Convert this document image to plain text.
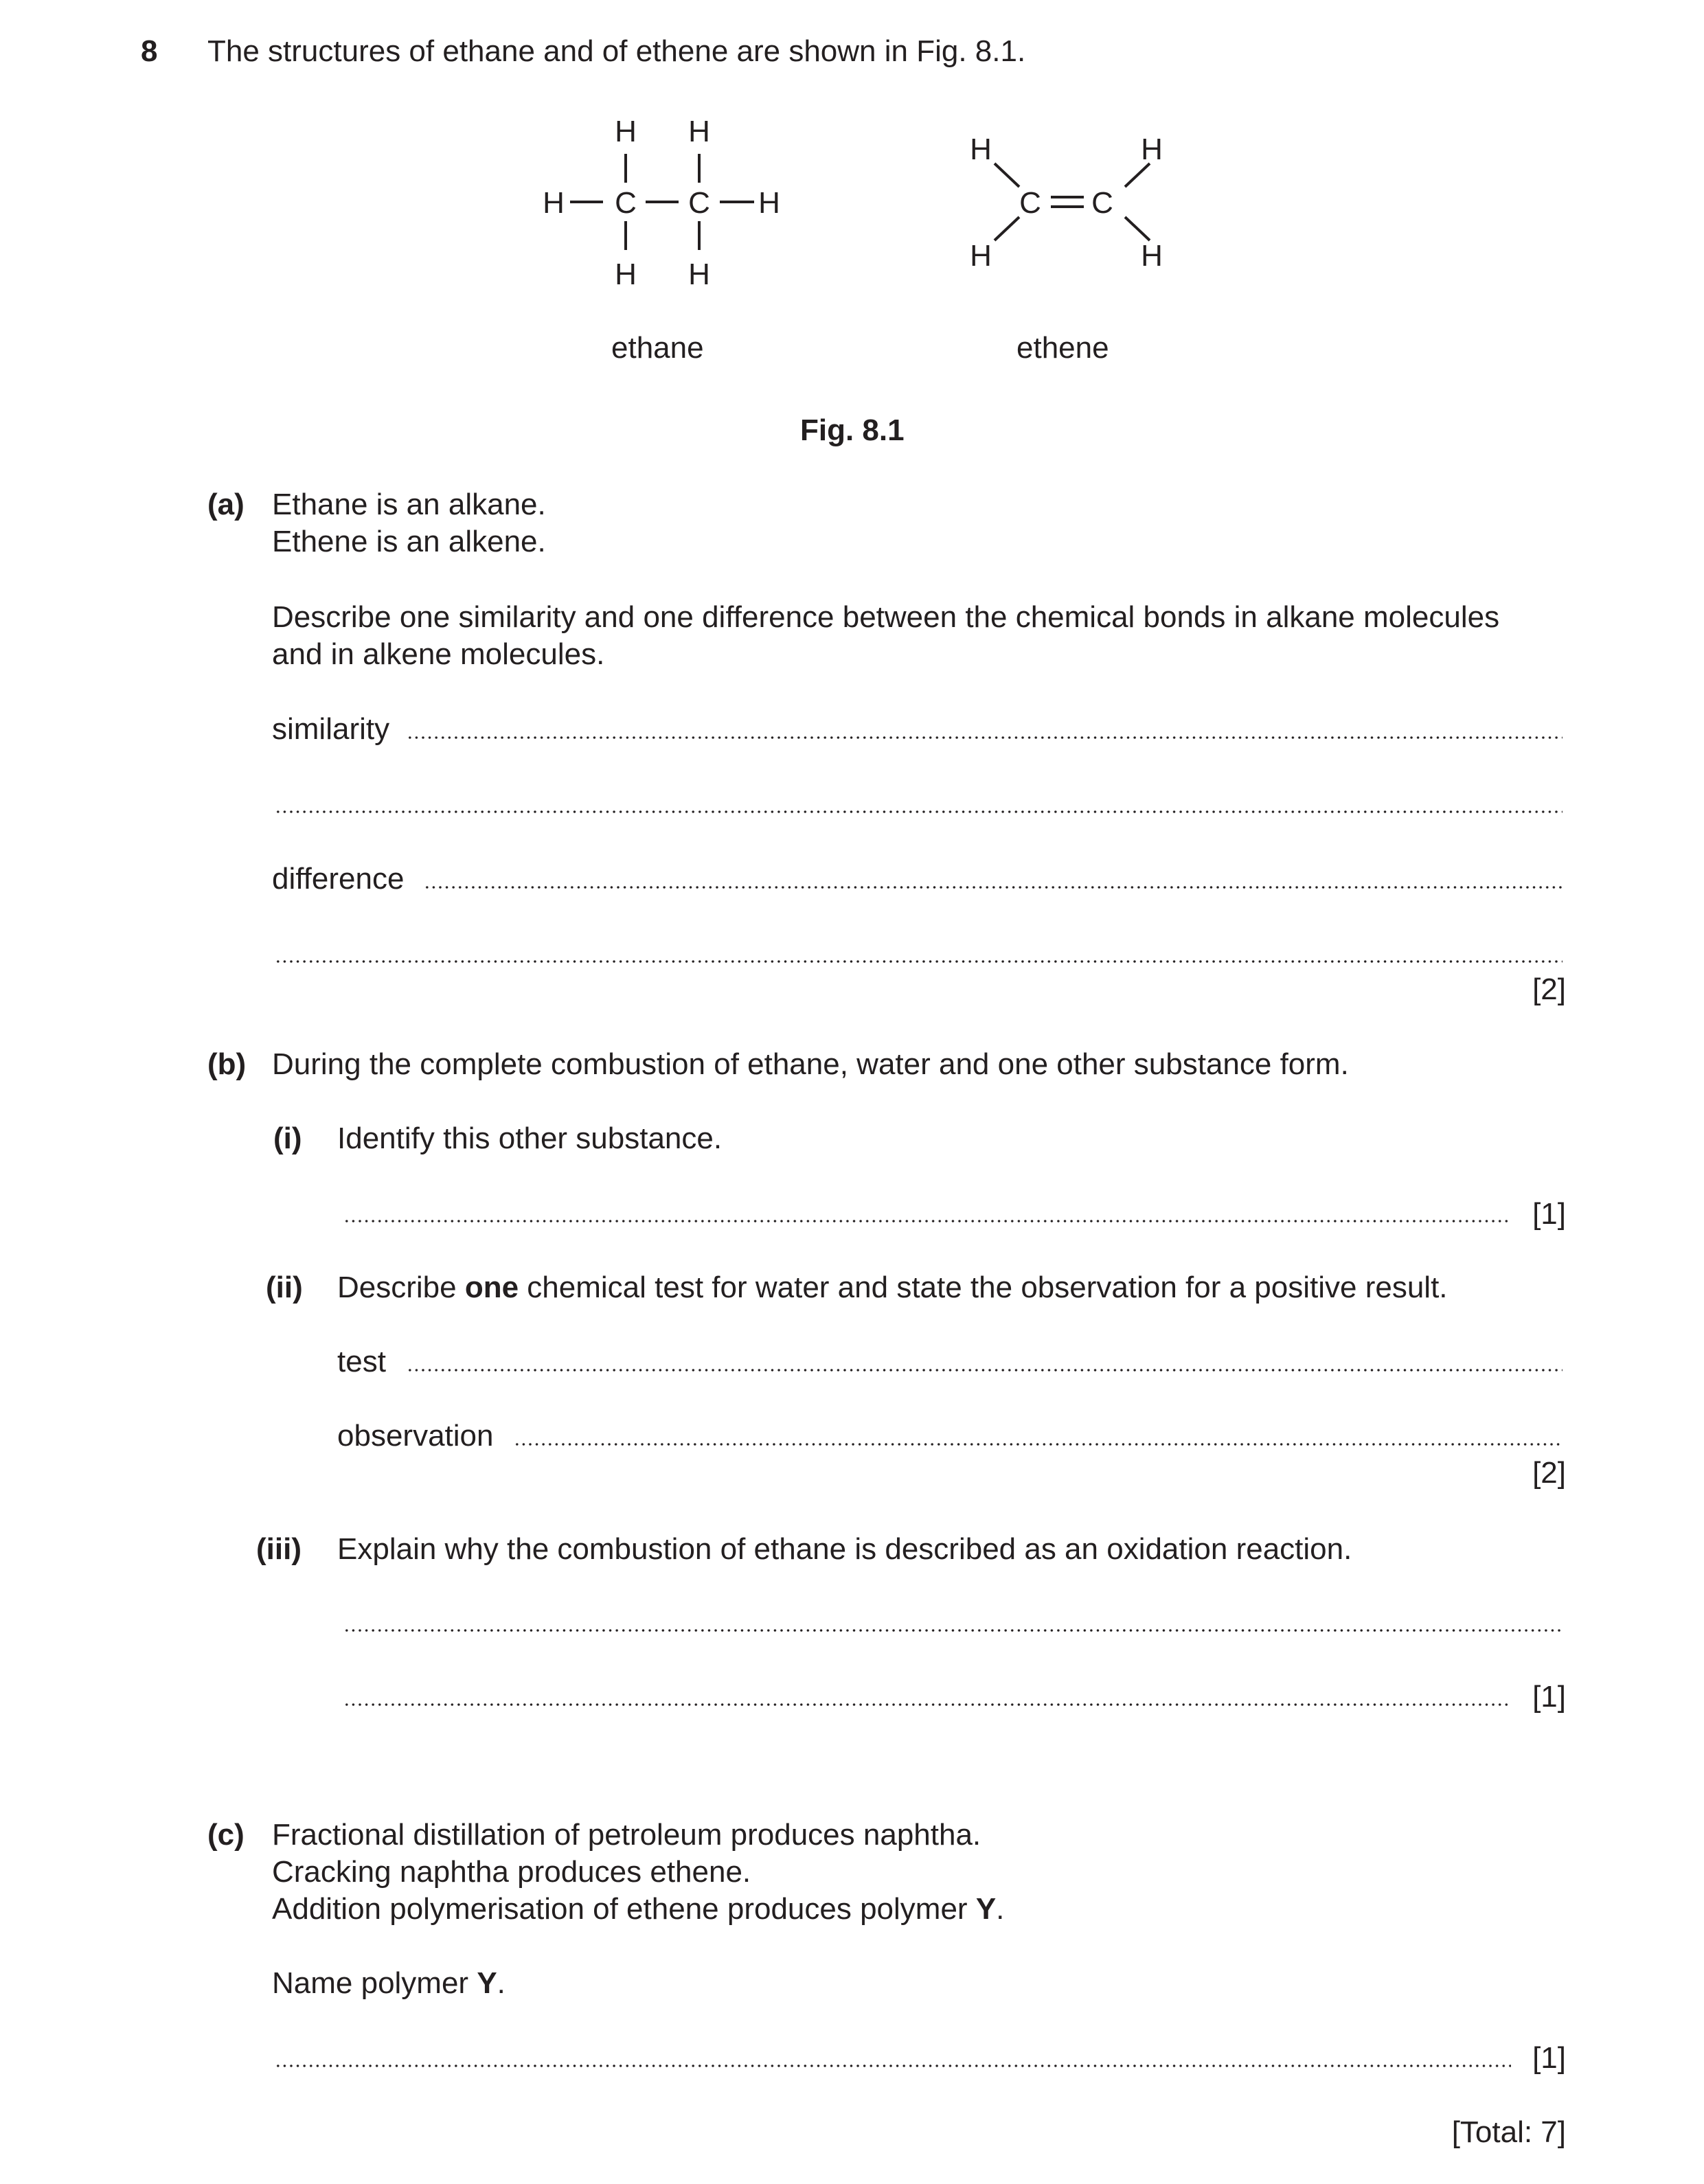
8 The structures of ethane and of ethene are shown in Fig. 8.1.
H H
H C C H
H H
H	H
C C
H	H
ethane	ethene
Fig. 8.1
(a) Ethane is an alkane.
Ethene is an alkene.
Describe one similarity and one difference between the chemical bonds in alkane molecules
and in alkene molecules.
similarity
difference
[2]
(b) During the complete combustion of ethane, water and one other substance form.
(i) Identify this other substance.
[1]
(ii) Describe one chemical test for water and state the observation for a positive result.
test
observation
[2]
(iii) Explain why the combustion of ethane is described as an oxidation reaction.
[1]
(c) Fractional distillation of petroleum produces naphtha.
Cracking naphtha produces ethene.
Addition polymerisation of ethene produces polymer Y.
Name polymer Y.
[1]
[Total: 7]
